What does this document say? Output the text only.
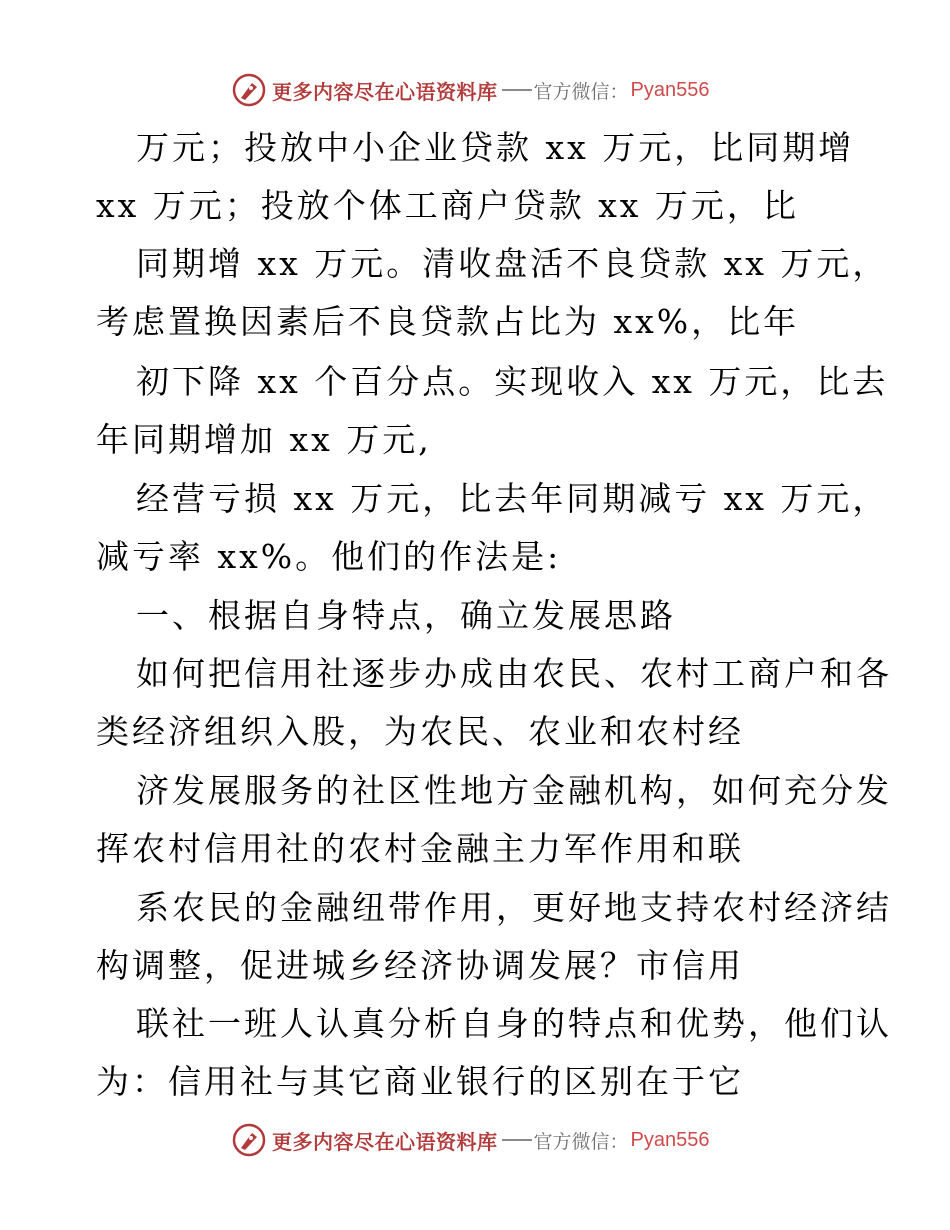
更多内容尽在心语资料库 官方微信： Pyan556
万元；投放中小企业贷款 xx 万元，比同期增
xx 万元；投放个体工商户贷款 xx 万元，比
同期增 xx 万元。清收盘活不良贷款 xx 万元，
考虑置换因素后不良贷款占比为 xx%，比年
初下降 xx 个百分点。实现收入 xx 万元，比去
年同期增加 xx 万元,
经营亏损 xx 万元，比去年同期减亏 xx 万元，
减亏率 xx%。他们的作法是:
一、根据自身特点，确立发展思路
如何把信用社逐步办成由农民、农村工商户和各
类经济组织入股，为农民、农业和农村经
济发展服务的社区性地方金融机构，如何充分发
挥农村信用社的农村金融主力军作用和联
系农民的金融纽带作用，更好地支持农村经济结
构调整，促进城乡经济协调发展？市信用
联社一班人认真分析自身的特点和优势，他们认
为：信用社与其它商业银行的区别在于它
更多内容尽在心语资料库 官方微信： Pyan556
